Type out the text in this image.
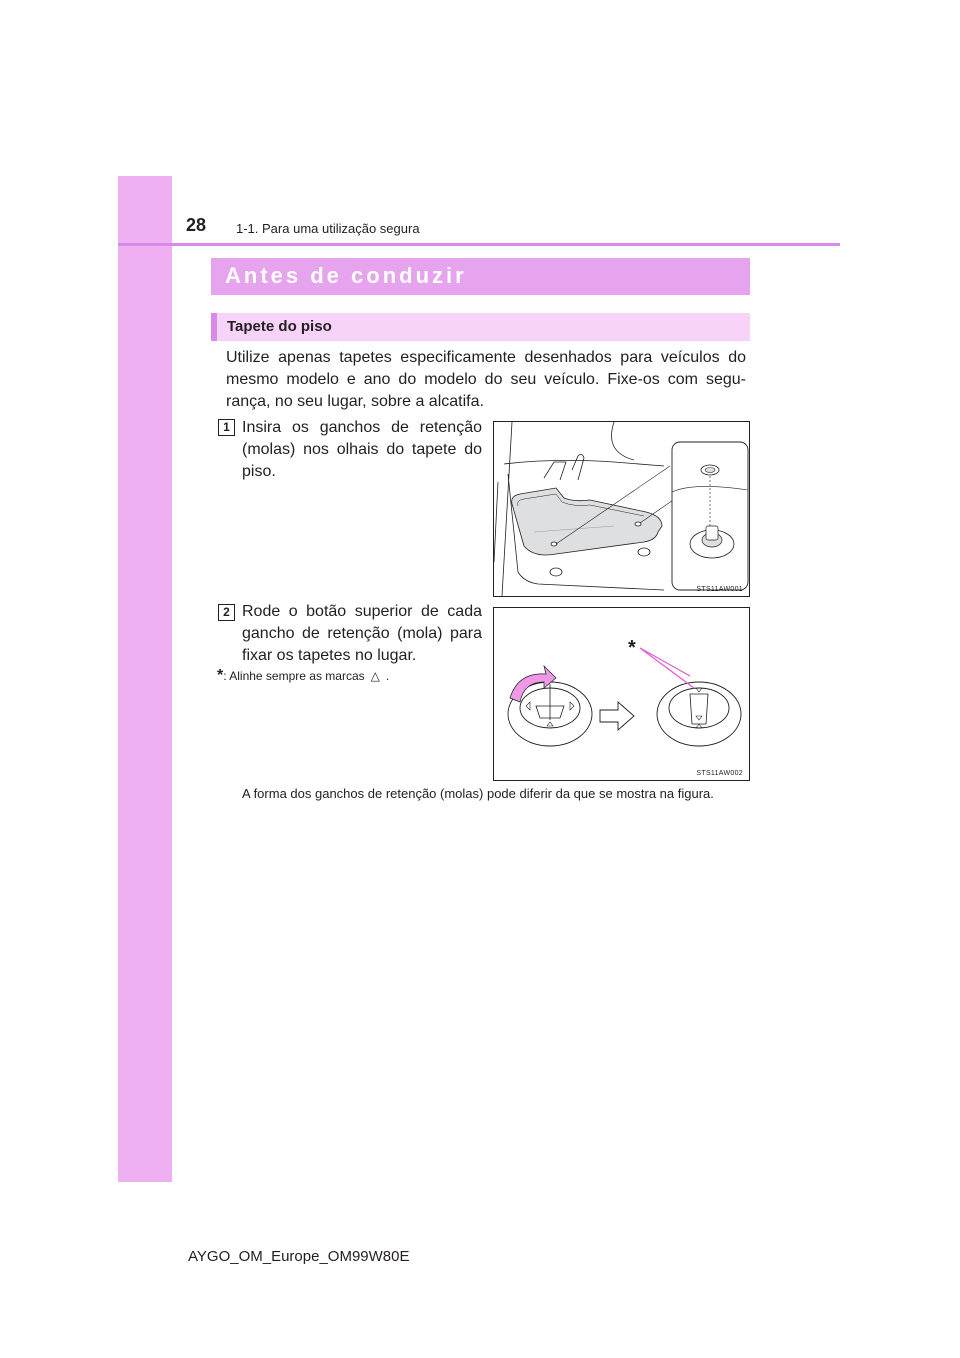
28 1-1. Para uma utilização segura
Antes de conduzir
Tapete do piso

Utilize apenas tapetes especificamente desenhados para veículos do mesmo modelo e ano do modelo do seu veículo. Fixe-os com segu-rança, no seu lugar, sobre a alcatifa.

1 Insira os ganchos de retenção (molas) nos olhais do tapete do piso.

STS11AW001
2 Rode o botão superior de cada gancho de retenção (mola) para fixar os tapetes no lugar.

*: Alinhe sempre as marcas △ .
*
STS11AW002

A forma dos ganchos de retenção (molas) pode diferir da que se mostra na figura.

AYGO_OM_Europe_OM99W80E
